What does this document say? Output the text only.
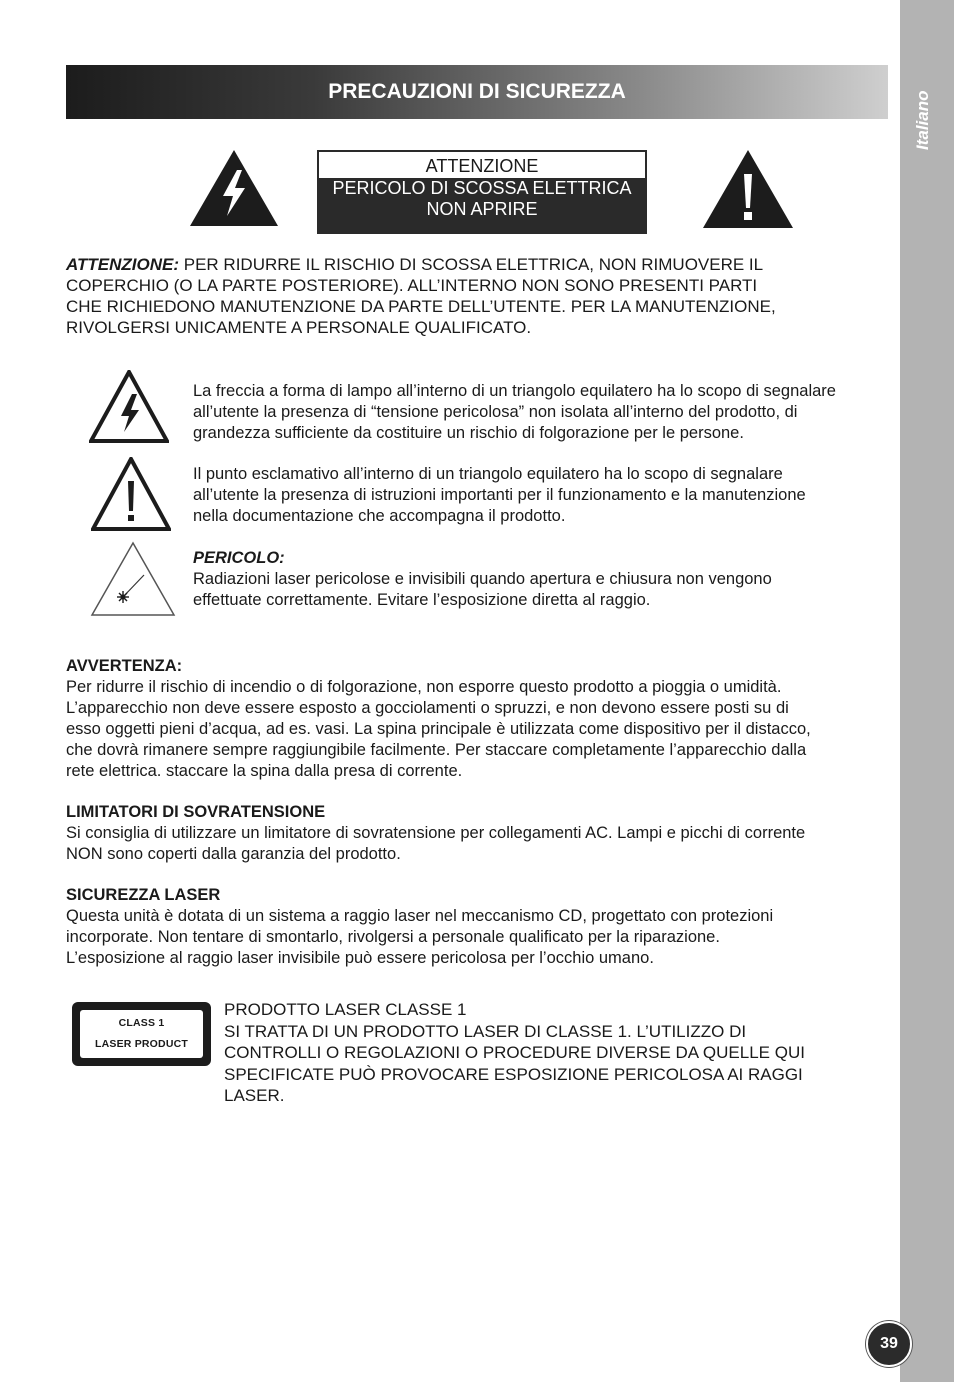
Italiano
39
PRECAUZIONI DI SICUREZZA
ATTENZIONE
PERICOLO DI SCOSSA ELETTRICA
NON APRIRE
ATTENZIONE: PER RIDURRE IL RISCHIO DI SCOSSA ELETTRICA, NON RIMUOVERE IL
COPERCHIO (O LA PARTE POSTERIORE). ALL’INTERNO NON SONO PRESENTI PARTI
CHE RICHIEDONO MANUTENZIONE DA PARTE DELL’UTENTE. PER LA MANUTENZIONE,
RIVOLGERSI UNICAMENTE A PERSONALE QUALIFICATO.
La freccia a forma di lampo all’interno di un triangolo equilatero ha lo scopo di segnalare
all’utente la presenza di “tensione pericolosa” non isolata all’interno del prodotto, di
grandezza sufficiente da costituire un rischio di folgorazione per le persone.
Il punto esclamativo all’interno di un triangolo equilatero ha lo scopo di segnalare
all’utente la presenza di istruzioni importanti per il funzionamento e la manutenzione
nella documentazione che accompagna il prodotto.
PERICOLO:
Radiazioni laser pericolose e invisibili quando apertura e chiusura non vengono
effettuate correttamente. Evitare l’esposizione diretta al raggio.
AVVERTENZA:
Per ridurre il rischio di incendio o di folgorazione, non esporre questo prodotto a pioggia o umidità.
L’apparecchio non deve essere esposto a gocciolamenti o spruzzi, e non devono essere posti su di
esso oggetti pieni d’acqua, ad es. vasi. La spina principale è utilizzata come dispositivo per il distacco,
che dovrà rimanere sempre raggiungibile facilmente. Per staccare completamente l’apparecchio dalla
rete elettrica. staccare la spina dalla presa di corrente.
LIMITATORI DI SOVRATENSIONE
Si consiglia di utilizzare un limitatore di sovratensione per collegamenti AC. Lampi e picchi di corrente
NON sono coperti dalla garanzia del prodotto.
SICUREZZA LASER
Questa unità è dotata di un sistema a raggio laser nel meccanismo CD, progettato con protezioni
incorporate. Non tentare di smontarlo, rivolgersi a personale qualificato per la riparazione.
L’esposizione al raggio laser invisibile può essere pericolosa per l’occhio umano.
CLASS 1
LASER PRODUCT
PRODOTTO LASER CLASSE 1
SI TRATTA DI UN PRODOTTO LASER DI CLASSE 1. L’UTILIZZO DI
CONTROLLI O REGOLAZIONI O PROCEDURE DIVERSE DA QUELLE QUI
SPECIFICATE PUÒ PROVOCARE ESPOSIZIONE PERICOLOSA AI RAGGI
LASER.
